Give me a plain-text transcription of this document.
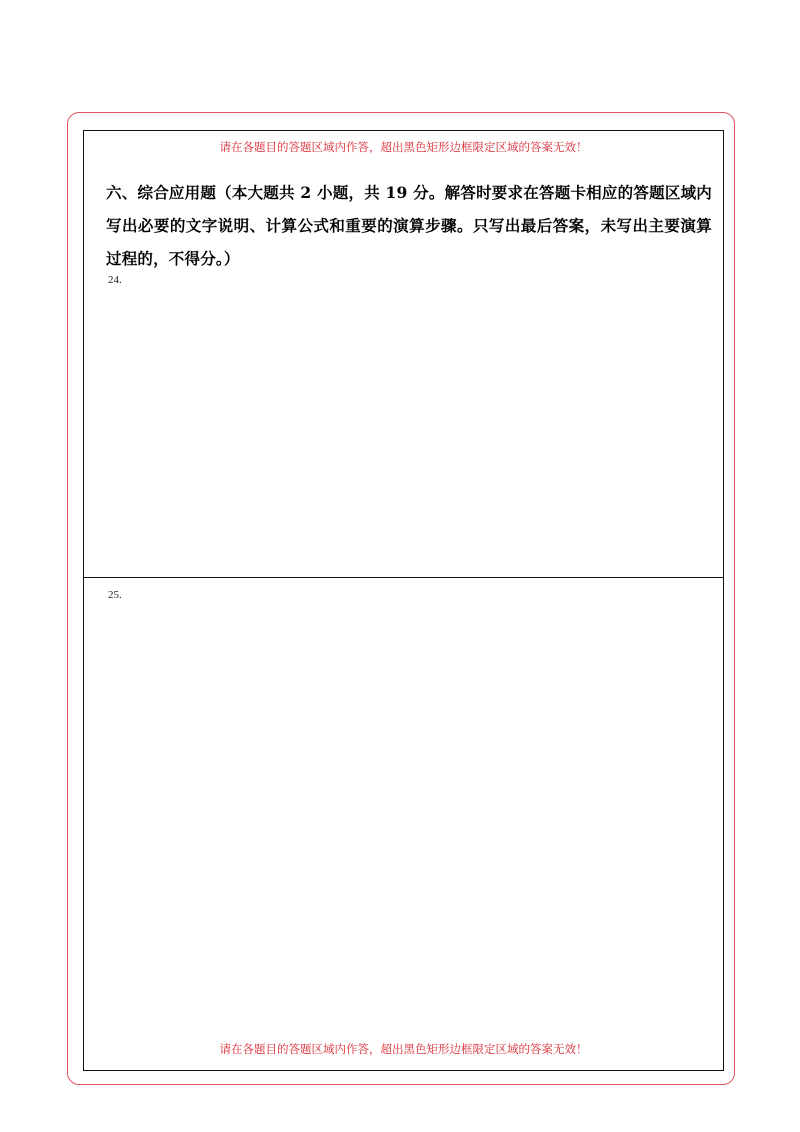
请在各题目的答题区域内作答，超出黑色矩形边框限定区域的答案无效！
六、综合应用题（本大题共 2 小题，共 19 分。解答时要求在答题卡相应的答题区域内写出必要的文字说明、计算公式和重要的演算步骤。只写出最后答案，未写出主要演算过程的，不得分。）
24.
25.
请在各题目的答题区域内作答，超出黑色矩形边框限定区域的答案无效！
